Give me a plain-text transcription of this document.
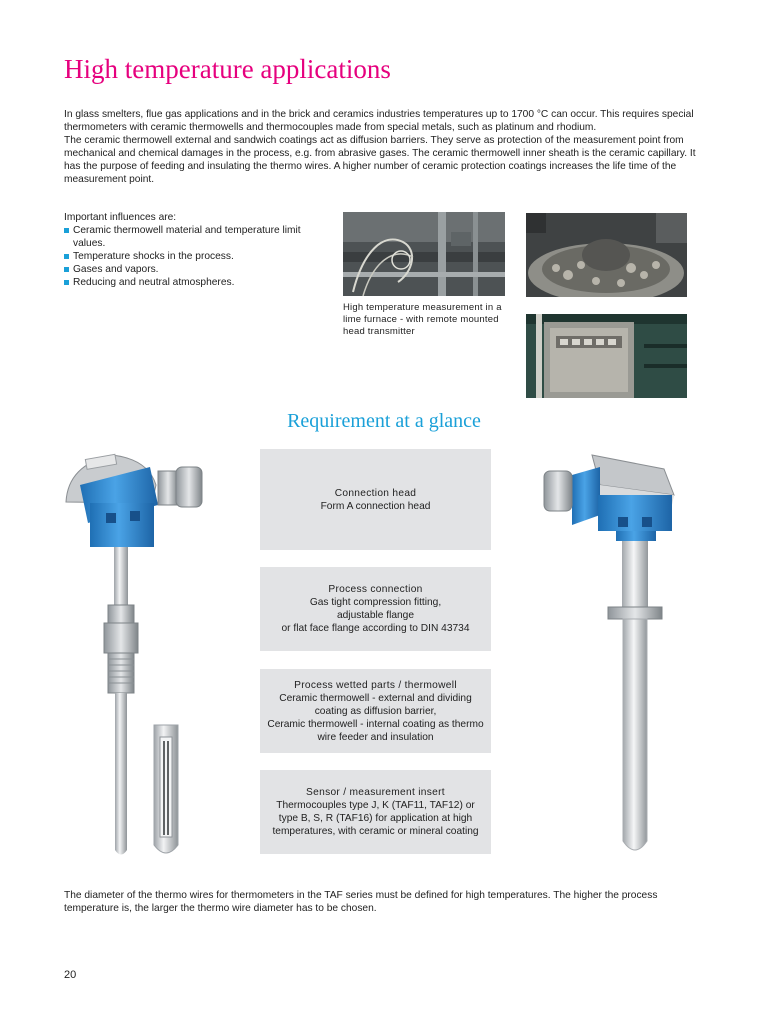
High temperature applications

In glass smelters, flue gas applications and in the brick and ceramics industries temperatures up to 1700 °C can occur. This requires special thermometers with ceramic thermowells and thermocouples made from special metals, such as platinum and rhodium.

The ceramic thermowell external and sandwich coatings act as diffusion barriers. They serve as protection of the measurement point from mechanical and chemical damages in the process, e.g. from abrasive gases. The ceramic thermowell inner sheath is the ceramic capillary. It has the purpose of feeding and insulating the thermo wires. A higher number of ceramic protection coatings increases the life time of the measurement point.

Important influences are:
Ceramic thermowell material and temperature limit values.
Temperature shocks in the process.
Gases and vapors.
Reducing and neutral atmospheres.
High temperature measurement in a lime furnace - with remote mounted head transmitter
Requirement at a glance
Connection head
Form A connection head
Process connection
Gas tight compression fitting,
adjustable flange
or flat face flange according to DIN 43734
Process wetted parts / thermowell
Ceramic thermowell - external and dividing
coating as diffusion barrier,
Ceramic thermowell - internal coating as thermo
wire feeder and insulation
Sensor / measurement insert
Thermocouples type J, K (TAF11, TAF12) or
type B, S, R (TAF16) for application at high
temperatures, with ceramic or mineral coating

The diameter of the thermo wires for thermometers in the TAF series must be defined for high temperatures. The higher the process temperature is, the larger the thermo wire diameter has to be chosen.

20
